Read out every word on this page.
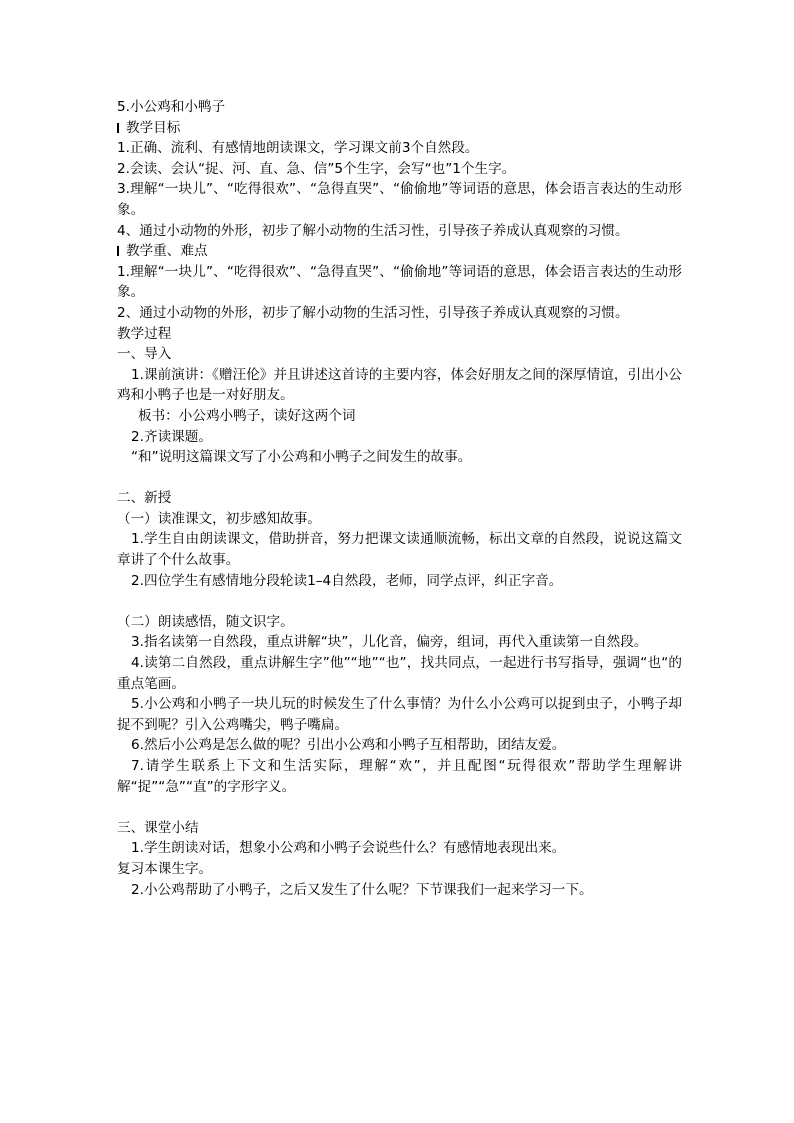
5.小公鸡和小鸭子
教学目标
1.正确、流利、有感情地朗读课文，学习课文前3个自然段。
2.会读、会认“捉、河、直、急、信”5个生字，会写“也”1个生字。
3.理解“一块儿”、“吃得很欢”、“急得直哭”、“偷偷地”等词语的意思，体会语言表达的生动形象。
4、通过小动物的外形，初步了解小动物的生活习性，引导孩子养成认真观察的习惯。
教学重、难点
1.理解“一块儿”、“吃得很欢”、“急得直哭”、“偷偷地”等词语的意思，体会语言表达的生动形象。
2、通过小动物的外形，初步了解小动物的生活习性，引导孩子养成认真观察的习惯。
教学过程
一、导入
1.课前演讲：《赠汪伦》并且讲述这首诗的主要内容，体会好朋友之间的深厚情谊，引出小公鸡和小鸭子也是一对好朋友。
板书：小公鸡小鸭子，读好这两个词
2.齐读课题。
“和”说明这篇课文写了小公鸡和小鸭子之间发生的故事。
二、新授
（一）读准课文，初步感知故事。
1.学生自由朗读课文，借助拼音，努力把课文读通顺流畅，标出文章的自然段，说说这篇文章讲了个什么故事。
2.四位学生有感情地分段轮读1–4自然段，老师，同学点评，纠正字音。
（二）朗读感悟，随文识字。
3.指名读第一自然段，重点讲解“块”，儿化音，偏旁，组词，再代入重读第一自然段。
4.读第二自然段，重点讲解生字”他”“地”“也”，找共同点，一起进行书写指导，强调“也“的重点笔画。
5.小公鸡和小鸭子一块儿玩的时候发生了什么事情？为什么小公鸡可以捉到虫子，小鸭子却捉不到呢？引入公鸡嘴尖，鸭子嘴扁。
6.然后小公鸡是怎么做的呢？引出小公鸡和小鸭子互相帮助，团结友爱。
7.请学生联系上下文和生活实际，理解“欢”，并且配图“玩得很欢”帮助学生理解讲解“捉”“急”“直”的字形字义。
三、课堂小结
1.学生朗读对话，想象小公鸡和小鸭子会说些什么？有感情地表现出来。
复习本课生字。
2.小公鸡帮助了小鸭子，之后又发生了什么呢？下节课我们一起来学习一下。
